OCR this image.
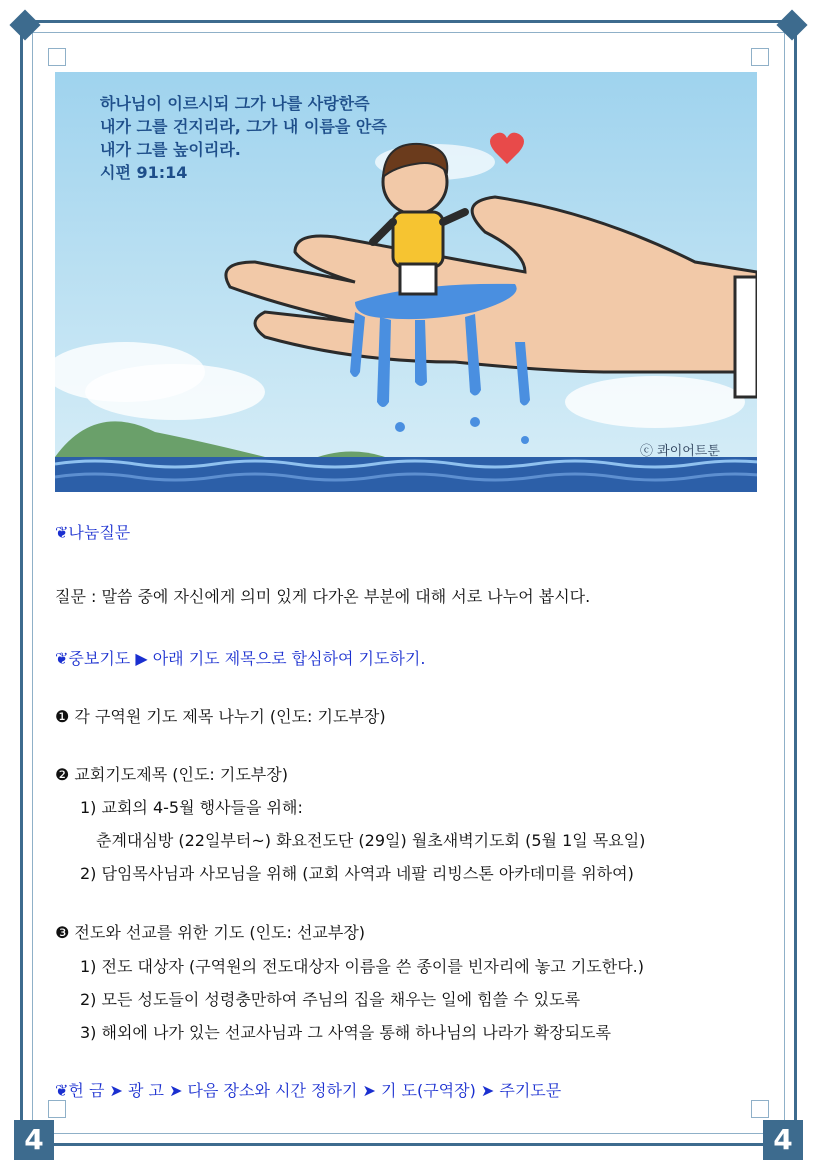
4	4
하나님이 이르시되 그가 나를 사랑한즉
내가 그를 건지리라, 그가 내 이름을 안즉
내가 그를 높이리라.
시편 91:14
ⓒ 콰이어트툰
❦나눔질문
질문 : 말씀 중에 자신에게 의미 있게 다가온 부분에 대해 서로 나누어 봅시다.
❦중보기도 ▶ 아래 기도 제목으로 합심하여 기도하기.
❶ 각 구역원 기도 제목 나누기 (인도: 기도부장)
❷ 교회기도제목 (인도: 기도부장)
1) 교회의 4-5월 행사들을 위해:
춘계대심방 (22일부터~) 화요전도단 (29일) 월초새벽기도회 (5월 1일 목요일)
2) 담임목사님과 사모님을 위해 (교회 사역과 네팔 리빙스톤 아카데미를 위하여)
❸ 전도와 선교를 위한 기도 (인도: 선교부장)
1) 전도 대상자 (구역원의 전도대상자 이름을 쓴 종이를 빈자리에 놓고 기도한다.)
2) 모든 성도들이 성령충만하여 주님의 집을 채우는 일에 힘쓸 수 있도록
3) 해외에 나가 있는 선교사님과 그 사역을 통해 하나님의 나라가 확장되도록
❦헌 금 ➤ 광 고 ➤ 다음 장소와 시간 정하기 ➤ 기 도(구역장) ➤ 주기도문
